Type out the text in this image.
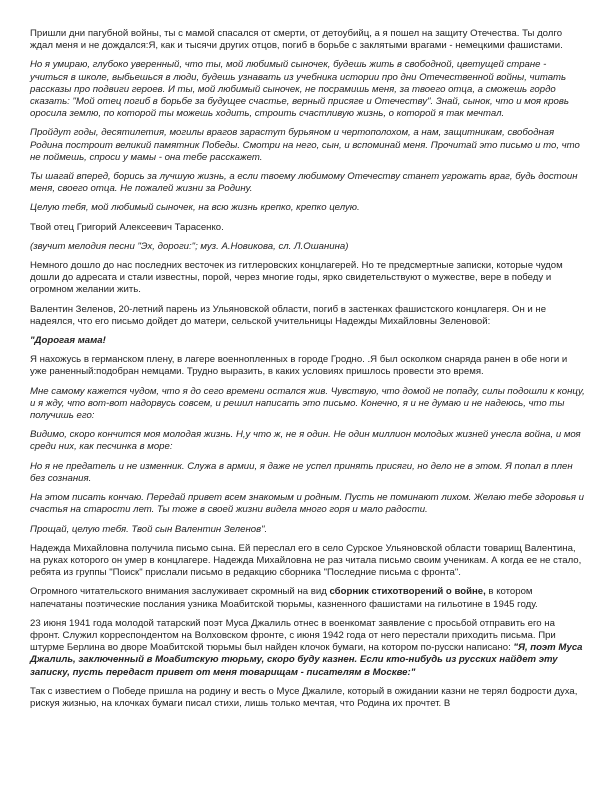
Пришли дни пагубной войны, ты с мамой спасался от смерти, от детоубийц, а я пошел на защиту Отечества. Ты долго ждал меня и не дождался:Я, как и тысячи других отцов, погиб в борьбе с заклятыми врагами - немецкими фашистами.

Но я умираю, глубоко уверенный, что ты, мой любимый сыночек, будешь жить в свободной, цветущей стране - учиться в школе, выбьешься в люди, будешь узнавать из учебника истории про дни Отечественной войны, читать рассказы про подвиги героев. И ты, мой любимый сыночек, не посрамишь меня, за твоего отца, а сможешь гордо сказать: "Мой отец погиб в борьбе за будущее счастье, верный присяге и Отечеству". Знай, сынок, что и моя кровь оросила землю, по которой ты можешь ходить, строить счастливую жизнь, о которой я так мечтал.

Пройдут годы, десятилетия, могилы врагов зарастут бурьяном и чертополохом, а нам, защитникам, свободная Родина построит великий памятник Победы. Смотри на него, сын, и вспоминай меня. Прочитай это письмо и то, что не поймешь, спроси у мамы - она тебе расскажет.

Ты шагай вперед, борись за лучшую жизнь, а если твоему любимому Отечеству станет угрожать враг, будь достоин меня, своего отца. Не пожалей жизни за Родину.

Целую тебя, мой любимый сыночек, на всю жизнь крепко, крепко целую.

Твой отец Григорий Алексеевич Тарасенко.

(звучит мелодия песни "Эх, дороги:"; муз. А.Новикова, сл. Л.Ошанина)

Немного дошло до нас последних весточек из гитлеровских концлагерей. Но те предсмертные записки, которые чудом дошли до адресата и стали известны, порой, через многие годы, ярко свидетельствуют о мужестве, вере в победу и огромном желании жить.

Валентин Зеленов, 20-летний парень из Ульяновской области, погиб в застенках фашистского концлагеря. Он и не надеялся, что его письмо дойдет до матери, сельской учительницы Надежды Михайловны Зеленовой:

"Дорогая мама!

Я нахожусь в германском плену, в лагере военнопленных в городе Гродно. .Я был осколком снаряда ранен в обе ноги и уже раненный:подобран немцами. Трудно выразить, в каких условиях пришлось провести это время.

Мне самому кажется чудом, что я до сего времени остался жив. Чувствую, что домой не попаду, силы подошли к концу, и я жду, что вот-вот надорвусь совсем, и решил написать это письмо. Конечно, я и не думаю и не надеюсь, что ты получишь его:

Видимо, скоро кончится моя молодая жизнь. Н,у что ж, не я один. Не один миллион молодых жизней унесла война, и моя среди них, как песчинка в море:

Но я не предатель и не изменник. Служа в армии, я даже не успел принять присяги, но дело не в этом. Я попал в плен без сознания.

На этом писать кончаю. Передай привет всем знакомым и родным. Пусть не поминают лихом. Желаю тебе здоровья и счастья на старости лет. Ты тоже в своей жизни видела много горя и мало радости.

Прощай, целую тебя. Твой сын Валентин Зеленов".

Надежда Михайловна получила письмо сына. Ей переслал его в село Сурское Ульяновской области товарищ Валентина, на руках которого он умер в концлагере. Надежда Михайловна не раз читала письмо своим ученикам. А когда ее не стало, ребята из группы "Поиск" прислали письмо в редакцию сборника "Последние письма с фронта".

Огромного читательского внимания заслуживает скромный на вид сборник стихотворений о войне, в котором напечатаны поэтические послания узника Моабитской тюрьмы, казненного фашистами на гильотине в 1945 году.

23 июня 1941 года молодой татарский поэт Муса Джалиль отнес в военкомат заявление с просьбой отправить его на фронт. Служил корреспондентом на Волховском фронте, с июня 1942 года от него перестали приходить письма. При штурме Берлина во дворе Моабитской тюрьмы был найден клочок бумаги, на котором по-русски написано: "Я, поэт Муса Джалиль, заключенный в Моабитскую тюрьму, скоро буду казнен. Если кто-нибудь из русских найдет эту записку, пусть передаст привет от меня товарищам - писателям в Москве:"

Так с известием о Победе пришла на родину и весть о Мусе Джалиле, который в ожидании казни не терял бодрости духа, рискуя жизнью, на клочках бумаги писал стихи, лишь только мечтая, что Родина их прочтет. В
